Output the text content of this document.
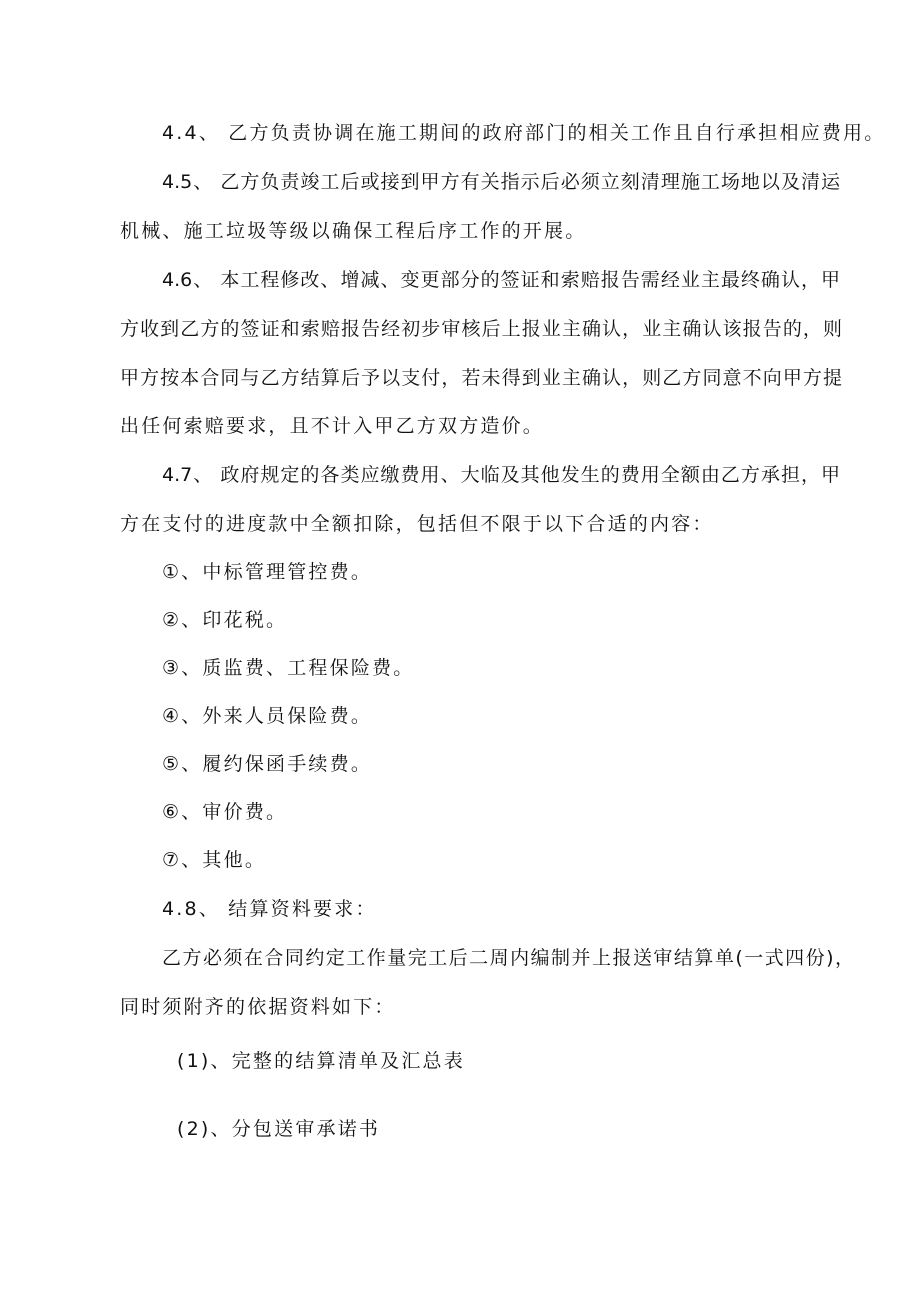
4.4、 乙方负责协调在施工期间的政府部门的相关工作且自行承担相应费用。

4.5、 乙方负责竣工后或接到甲方有关指示后必须立刻清理施工场地以及清运

机械、施工垃圾等级以确保工程后序工作的开展。

4.6、 本工程修改、增减、变更部分的签证和索赔报告需经业主最终确认，甲

方收到乙方的签证和索赔报告经初步审核后上报业主确认，业主确认该报告的，则

甲方按本合同与乙方结算后予以支付，若未得到业主确认，则乙方同意不向甲方提

出任何索赔要求，且不计入甲乙方双方造价。

4.7、 政府规定的各类应缴费用、大临及其他发生的费用全额由乙方承担，甲

方在支付的进度款中全额扣除，包括但不限于以下合适的内容：

①、中标管理管控费。

②、印花税。

③、质监费、工程保险费。

④、外来人员保险费。

⑤、履约保函手续费。

⑥、审价费。

⑦、其他。

4.8、 结算资料要求：

乙方必须在合同约定工作量完工后二周内编制并上报送审结算单(一式四份)，

同时须附齐的依据资料如下：

(1)、完整的结算清单及汇总表

(2)、分包送审承诺书
